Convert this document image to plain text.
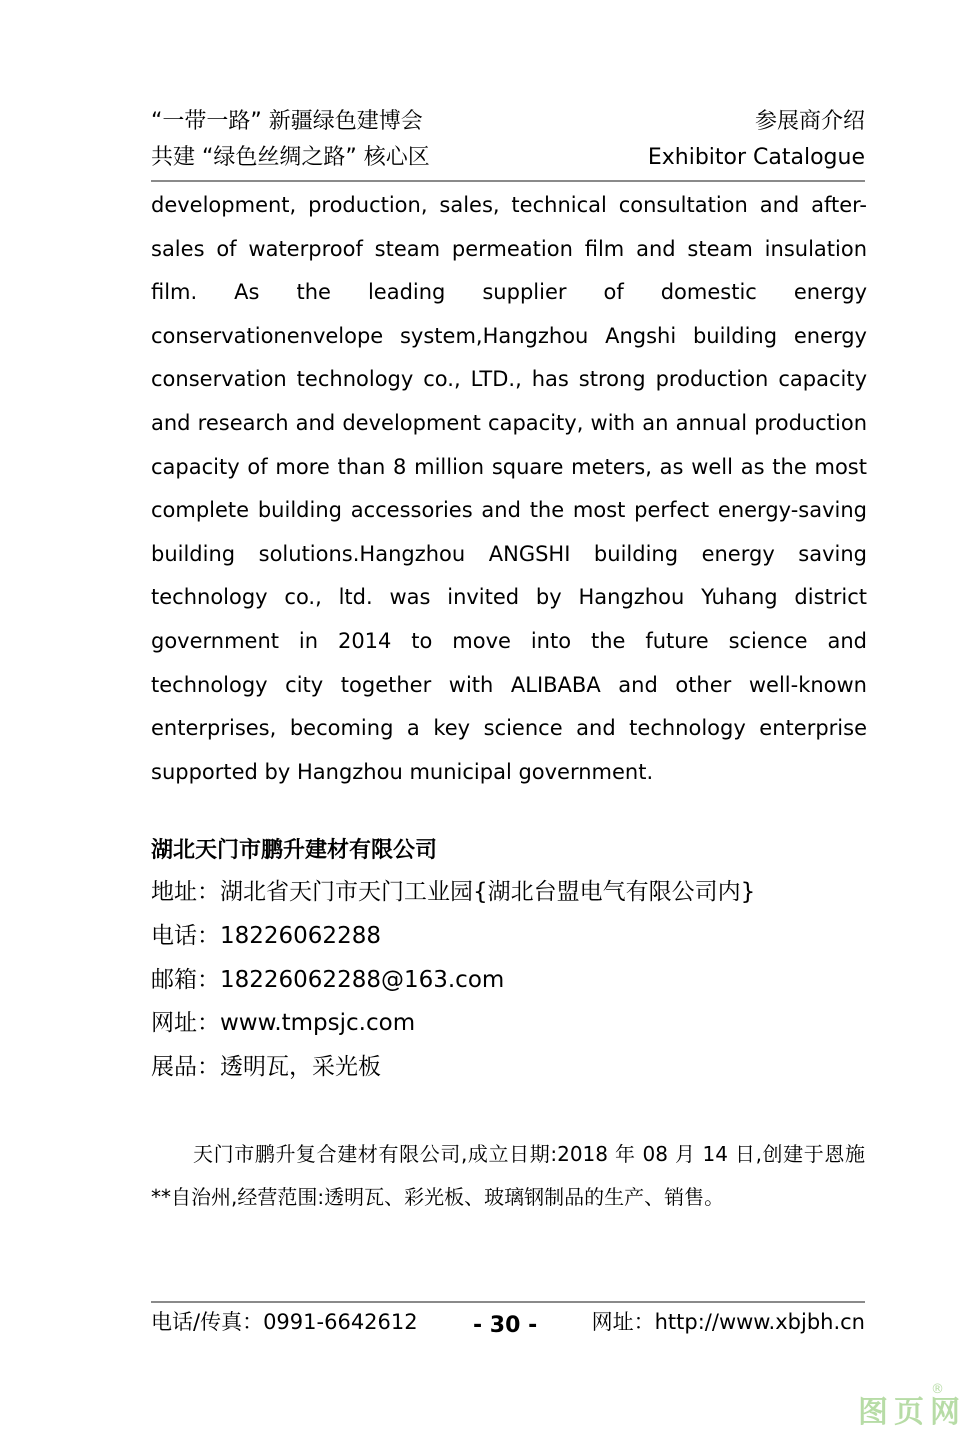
“一带一路” 新疆绿色建博会	参展商介绍
共建 “绿色丝绸之路” 核心区	Exhibitor Catalogue
development, production, sales, technical consultation and after-sales of waterproof steam permeation film and steam insulation film. As the leading supplier of domestic energy conservationenvelope system,Hangzhou Angshi building energy conservation technology co., LTD., has strong production capacity and research and development capacity, with an annual production capacity of more than 8 million square meters, as well as the most complete building accessories and the most perfect energy-saving building solutions.Hangzhou ANGSHI building energy saving technology co., ltd. was invited by Hangzhou Yuhang district government in 2014 to move into the future science and technology city together with ALIBABA and other well-known enterprises, becoming a key science and technology enterprise supported by Hangzhou municipal government.
湖北天门市鹏升建材有限公司
地址：湖北省天门市天门工业园{湖北台盟电气有限公司内}
电话：18226062288
邮箱：18226062288@163.com
网址：www.tmpsjc.com
展品：透明瓦，采光板
天门市鹏升复合建材有限公司,成立日期:2018 年 08 月 14 日,创建于恩施**自治州,经营范围:透明瓦、彩光板、玻璃钢制品的生产、销售。
电话/传真：0991-6642612	- 30 -	网址：http://www.xbjbh.cn
图页网
®
